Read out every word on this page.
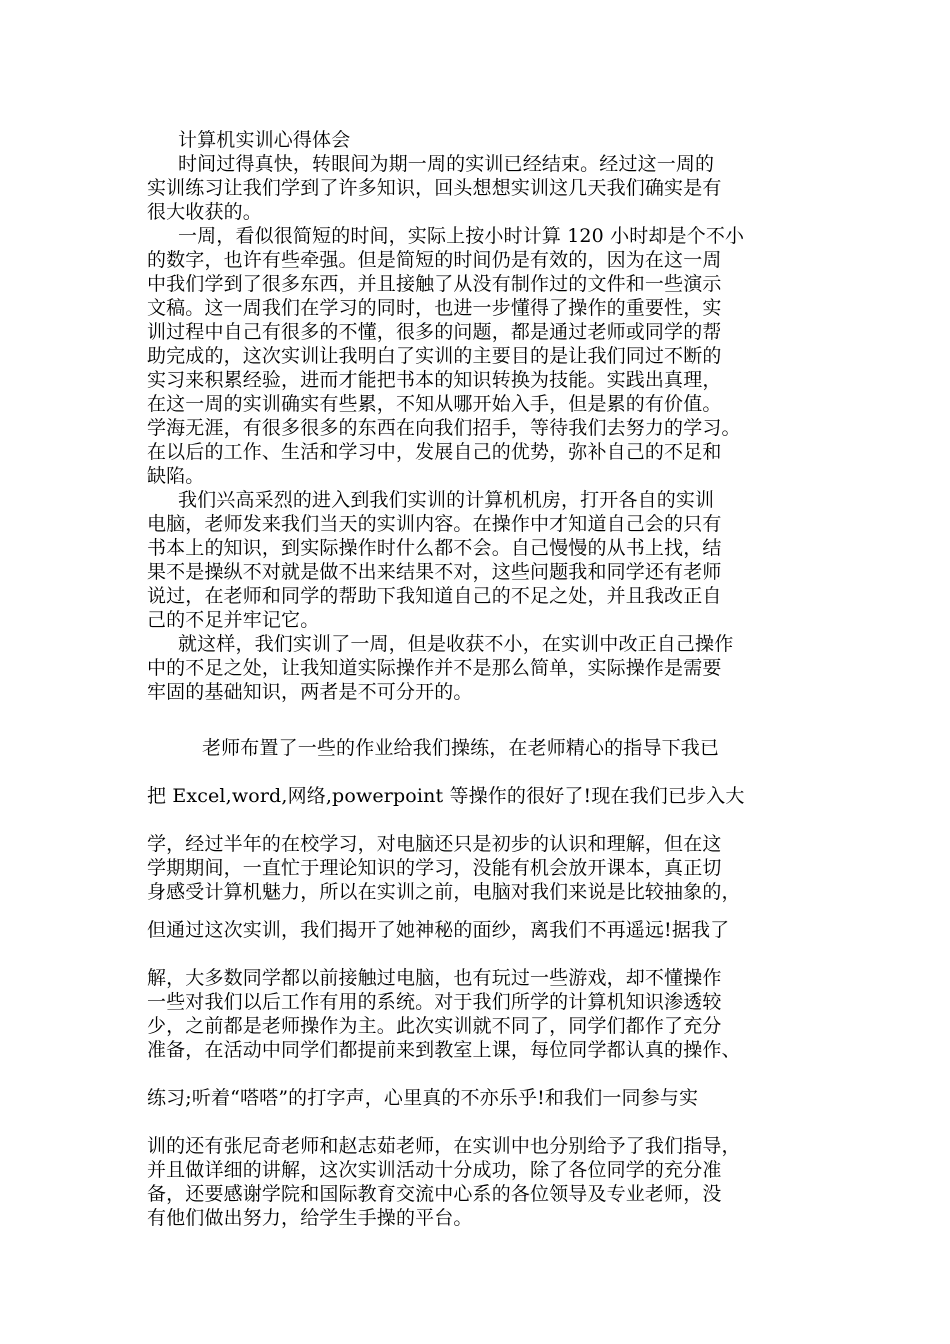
计算机实训心得体会

时间过得真快，转眼间为期一周的实训已经结束。经过这一周的

实训练习让我们学到了许多知识，回头想想实训这几天我们确实是有

很大收获的。

一周，看似很简短的时间，实际上按小时计算 120 小时却是个不小

的数字，也许有些牵强。但是简短的时间仍是有效的，因为在这一周

中我们学到了很多东西，并且接触了从没有制作过的文件和一些演示

文稿。这一周我们在学习的同时，也进一步懂得了操作的重要性，实

训过程中自己有很多的不懂，很多的问题，都是通过老师或同学的帮

助完成的，这次实训让我明白了实训的主要目的是让我们同过不断的

实习来积累经验，进而才能把书本的知识转换为技能。实践出真理，

在这一周的实训确实有些累，不知从哪开始入手，但是累的有价值。

学海无涯，有很多很多的东西在向我们招手，等待我们去努力的学习。

在以后的工作、生活和学习中，发展自己的优势，弥补自己的不足和

缺陷。

我们兴高采烈的进入到我们实训的计算机机房，打开各自的实训

电脑，老师发来我们当天的实训内容。在操作中才知道自己会的只有

书本上的知识，到实际操作时什么都不会。自己慢慢的从书上找，结

果不是操纵不对就是做不出来结果不对，这些问题我和同学还有老师

说过，在老师和同学的帮助下我知道自己的不足之处，并且我改正自

己的不足并牢记它。

就这样，我们实训了一周，但是收获不小，在实训中改正自己操作

中的不足之处，让我知道实际操作并不是那么简单，实际操作是需要

牢固的基础知识，两者是不可分开的。

老师布置了一些的作业给我们操练，在老师精心的指导下我已

把 Excel,word,网络,powerpoint 等操作的很好了!现在我们已步入大

学，经过半年的在校学习，对电脑还只是初步的认识和理解，但在这

学期期间，一直忙于理论知识的学习，没能有机会放开课本，真正切

身感受计算机魅力，所以在实训之前，电脑对我们来说是比较抽象的，

但通过这次实训，我们揭开了她神秘的面纱，离我们不再遥远!据我了

解，大多数同学都以前接触过电脑，也有玩过一些游戏，却不懂操作

一些对我们以后工作有用的系统。对于我们所学的计算机知识渗透较

少，之前都是老师操作为主。此次实训就不同了，同学们都作了充分

准备，在活动中同学们都提前来到教室上课，每位同学都认真的操作、

练习;听着“嗒嗒”的打字声，心里真的不亦乐乎!和我们一同参与实

训的还有张尼奇老师和赵志茹老师，在实训中也分别给予了我们指导，

并且做详细的讲解，这次实训活动十分成功，除了各位同学的充分准

备，还要感谢学院和国际教育交流中心系的各位领导及专业老师，没

有他们做出努力，给学生手操的平台。
